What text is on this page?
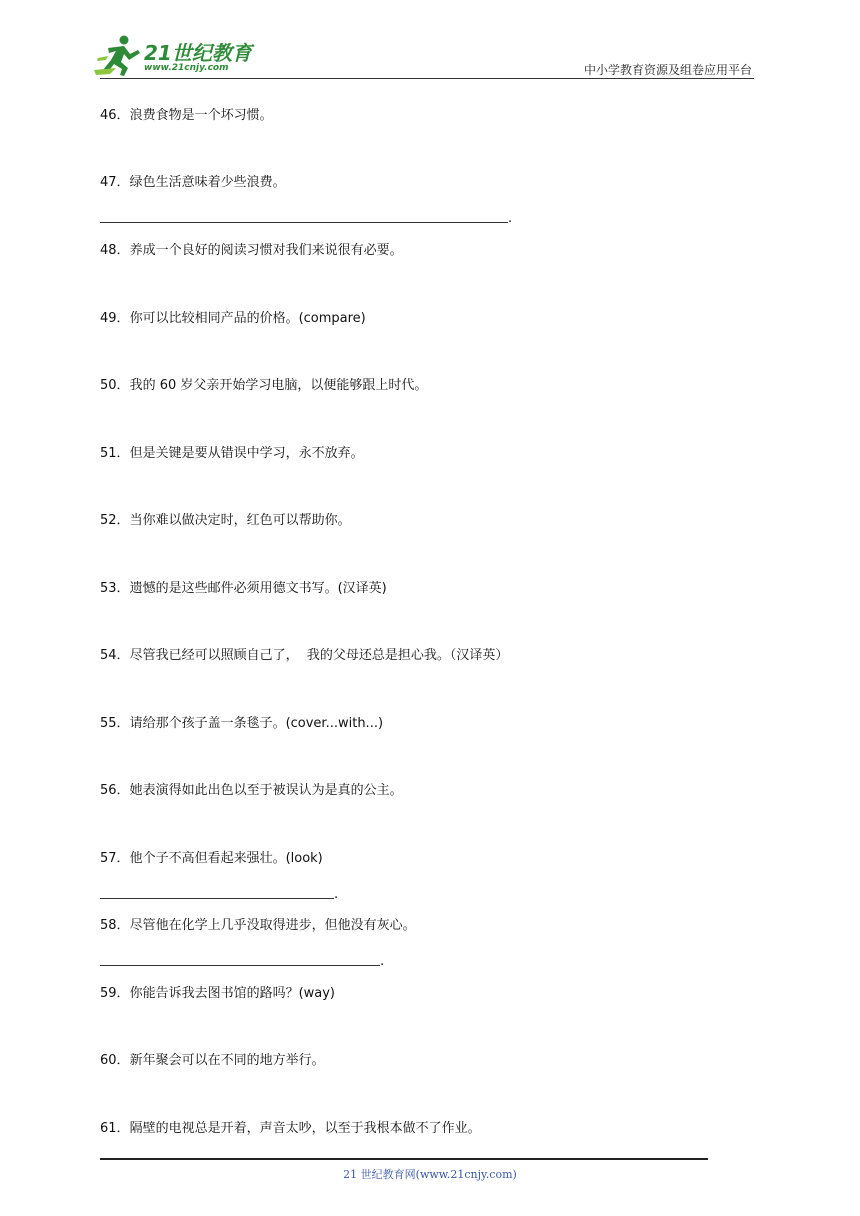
21世纪教育
www.21cnjy.com	中小学教育资源及组卷应用平台
46 ． 浪费食物是一个坏习惯。
47 ． 绿色生活意味着少些浪费。
.
48 ． 养成一个良好的阅读习惯对我们来说很有必要。
49 ． 你可以比较相同产品的价格。(compare)
50 ． 我的 60 岁父亲开始学习电脑，以便能够跟上时代。
51 ． 但是关键是要从错误中学习，永不放弃。
52 ． 当你难以做决定时，红色可以帮助你。
53 ． 遗憾的是这些邮件必须用德文书写。(汉译英)
54 ． 尽管我已经可以照顾自己了，  我的父母还总是担心我。（汉译英）
55 ． 请给那个孩子盖一条毯子。(cover...with...)
56 ． 她表演得如此出色以至于被误认为是真的公主。
57 ． 他个子不高但看起来强壮。(look)
.
58 ． 尽管他在化学上几乎没取得进步，但他没有灰心。
.
59 ． 你能告诉我去图书馆的路吗？(way)
60 ． 新年聚会可以在不同的地方举行。
61 ． 隔壁的电视总是开着，声音太吵，以至于我根本做不了作业。
21 世纪教育网(www.21cnjy.com)
